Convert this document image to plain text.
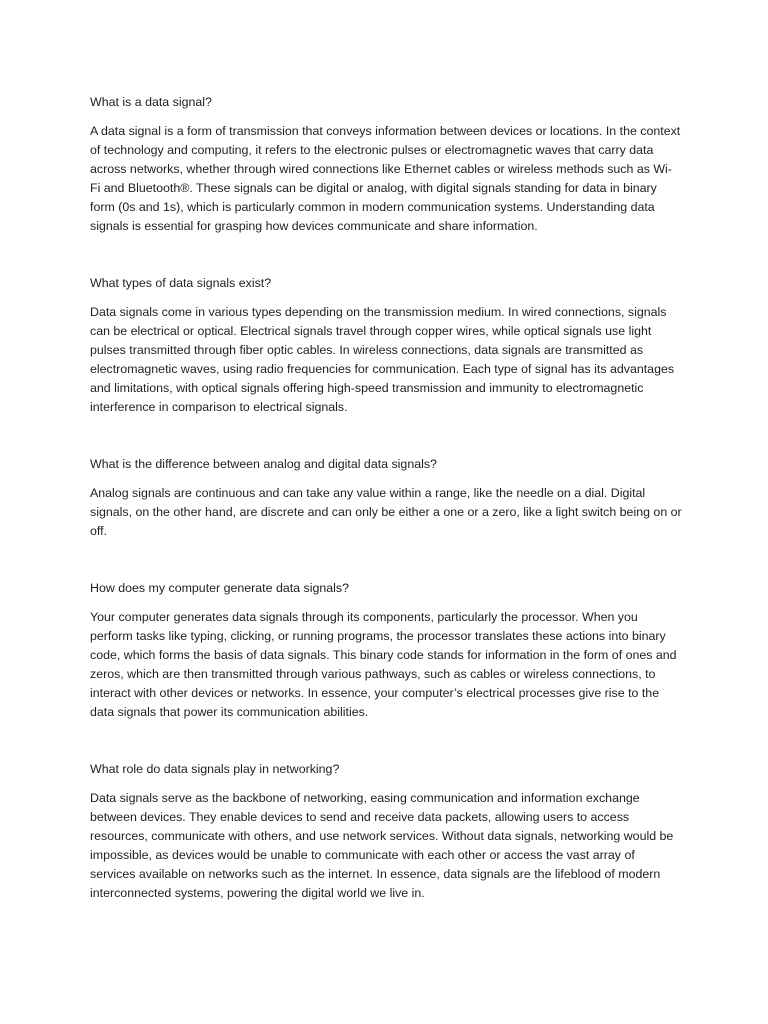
What is a data signal?

A data signal is a form of transmission that conveys information between devices or locations. In the context of technology and computing, it refers to the electronic pulses or electromagnetic waves that carry data across networks, whether through wired connections like Ethernet cables or wireless methods such as Wi-Fi and Bluetooth®. These signals can be digital or analog, with digital signals standing for data in binary form (0s and 1s), which is particularly common in modern communication systems. Understanding data signals is essential for grasping how devices communicate and share information.

What types of data signals exist?

Data signals come in various types depending on the transmission medium. In wired connections, signals can be electrical or optical. Electrical signals travel through copper wires, while optical signals use light pulses transmitted through fiber optic cables. In wireless connections, data signals are transmitted as electromagnetic waves, using radio frequencies for communication. Each type of signal has its advantages and limitations, with optical signals offering high-speed transmission and immunity to electromagnetic interference in comparison to electrical signals.

What is the difference between analog and digital data signals?

Analog signals are continuous and can take any value within a range, like the needle on a dial. Digital signals, on the other hand, are discrete and can only be either a one or a zero, like a light switch being on or off.

How does my computer generate data signals?

Your computer generates data signals through its components, particularly the processor. When you perform tasks like typing, clicking, or running programs, the processor translates these actions into binary code, which forms the basis of data signals. This binary code stands for information in the form of ones and zeros, which are then transmitted through various pathways, such as cables or wireless connections, to interact with other devices or networks. In essence, your computer’s electrical processes give rise to the data signals that power its communication abilities.

What role do data signals play in networking?

Data signals serve as the backbone of networking, easing communication and information exchange between devices. They enable devices to send and receive data packets, allowing users to access resources, communicate with others, and use network services. Without data signals, networking would be impossible, as devices would be unable to communicate with each other or access the vast array of services available on networks such as the internet. In essence, data signals are the lifeblood of modern interconnected systems, powering the digital world we live in.
